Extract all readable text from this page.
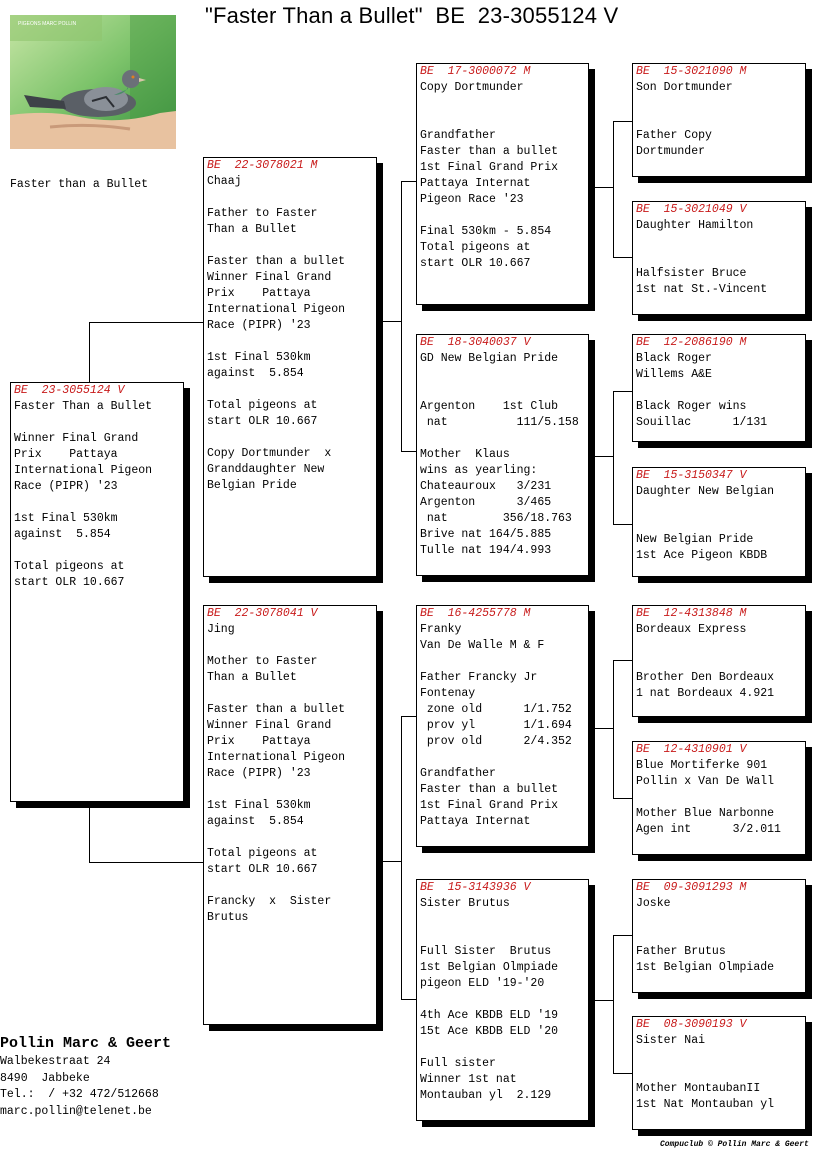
"Faster Than a Bullet"  BE  23-3055124 V
PIGEONS MARC POLLIN
Faster than a Bullet
BE  23-3055124 V
Faster Than a Bullet

Winner Final Grand
Prix    Pattaya
International Pigeon
Race (PIPR) '23

1st Final 530km
against  5.854

Total pigeons at
start OLR 10.667
BE  22-3078021 M
Chaaj

Father to Faster
Than a Bullet

Faster than a bullet
Winner Final Grand
Prix    Pattaya
International Pigeon
Race (PIPR) '23

1st Final 530km
against  5.854

Total pigeons at
start OLR 10.667

Copy Dortmunder  x
Granddaughter New
Belgian Pride
BE  22-3078041 V
Jing

Mother to Faster
Than a Bullet

Faster than a bullet
Winner Final Grand
Prix    Pattaya
International Pigeon
Race (PIPR) '23

1st Final 530km
against  5.854

Total pigeons at
start OLR 10.667

Francky  x  Sister
Brutus
BE  17-3000072 M
Copy Dortmunder

Grandfather
Faster than a bullet
1st Final Grand Prix
Pattaya Internat
Pigeon Race '23

Final 530km - 5.854
Total pigeons at
start OLR 10.667
BE  18-3040037 V
GD New Belgian Pride

Argenton    1st Club
nat          111/5.158

Mother  Klaus
wins as yearling:
Chateauroux   3/231
Argenton      3/465
nat        356/18.763
Brive nat 164/5.885
Tulle nat 194/4.993
BE  16-4255778 M
Franky
Van De Walle M & F

Father Francky Jr
Fontenay
zone old      1/1.752
prov yl       1/1.694
prov old      2/4.352

Grandfather
Faster than a bullet
1st Final Grand Prix
Pattaya Internat
BE  15-3143936 V
Sister Brutus

Full Sister  Brutus
1st Belgian Olmpiade
pigeon ELD '19-'20

4th Ace KBDB ELD '19
15t Ace KBDB ELD '20

Full sister
Winner 1st nat
Montauban yl  2.129
BE  15-3021090 M
Son Dortmunder

Father Copy
Dortmunder
BE  15-3021049 V
Daughter Hamilton

Halfsister Bruce
1st nat St.-Vincent
BE  12-2086190 M
Black Roger
Willems A&E

Black Roger wins
Souillac      1/131
BE  15-3150347 V
Daughter New Belgian

New Belgian Pride
1st Ace Pigeon KBDB
BE  12-4313848 M
Bordeaux Express

Brother Den Bordeaux
1 nat Bordeaux 4.921
BE  12-4310901 V
Blue Mortiferke 901
Pollin x Van De Wall

Mother Blue Narbonne
Agen int      3/2.011
BE  09-3091293 M
Joske

Father Brutus
1st Belgian Olmpiade
BE  08-3090193 V
Sister Nai

Mother MontaubanII
1st Nat Montauban yl
Pollin Marc & Geert
Walbekestraat 24
8490  Jabbeke
Tel.:  / +32 472/512668
marc.pollin@telenet.be
Compuclub © Pollin Marc & Geert
